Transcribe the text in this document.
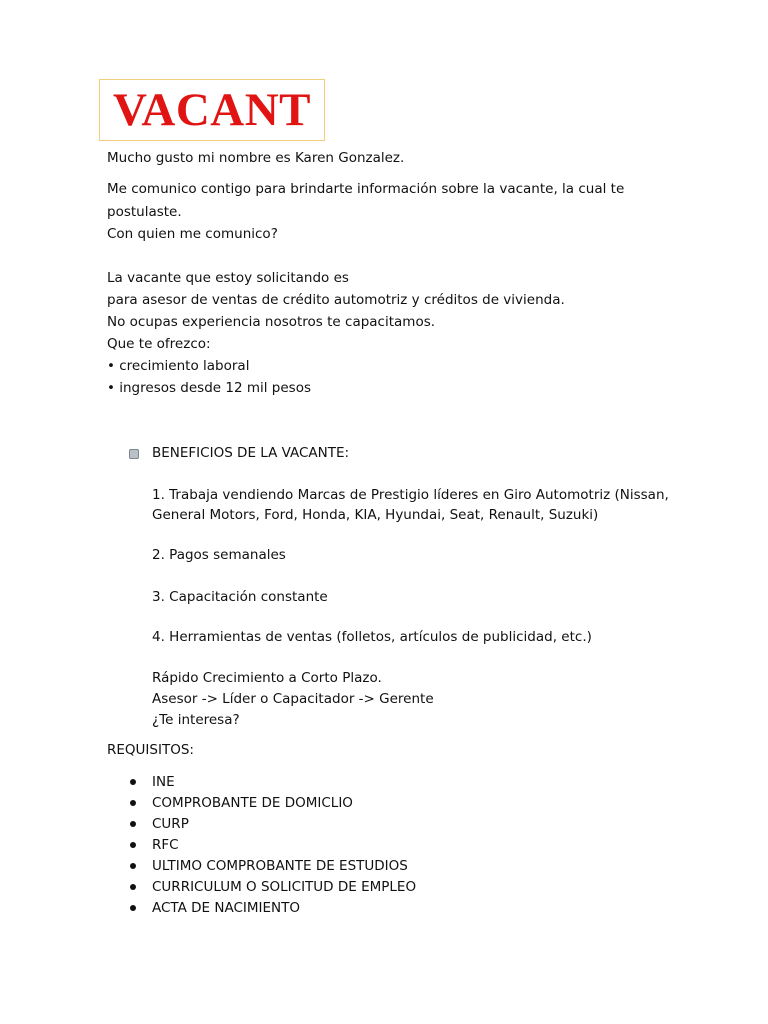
VACANT
Mucho gusto mi nombre es Karen Gonzalez.
Me comunico contigo para brindarte información sobre la vacante, la cual te
postulaste.
Con quien me comunico?
La vacante que estoy solicitando es
para asesor de ventas de crédito automotriz y créditos de vivienda.
No ocupas experiencia nosotros te capacitamos.
Que te ofrezco:
• crecimiento laboral
• ingresos desde 12 mil pesos
BENEFICIOS DE LA VACANTE:
1. Trabaja vendiendo Marcas de Prestigio líderes en Giro Automotriz (Nissan,
General Motors, Ford, Honda, KIA, Hyundai, Seat, Renault, Suzuki)
2. Pagos semanales
3. Capacitación constante
4. Herramientas de ventas (folletos, artículos de publicidad, etc.)
Rápido Crecimiento a Corto Plazo.
Asesor -> Líder o Capacitador -> Gerente
¿Te interesa?
REQUISITOS:
INE
COMPROBANTE DE DOMICLIO
CURP
RFC
ULTIMO COMPROBANTE DE ESTUDIOS
CURRICULUM O SOLICITUD DE EMPLEO
ACTA DE NACIMIENTO
